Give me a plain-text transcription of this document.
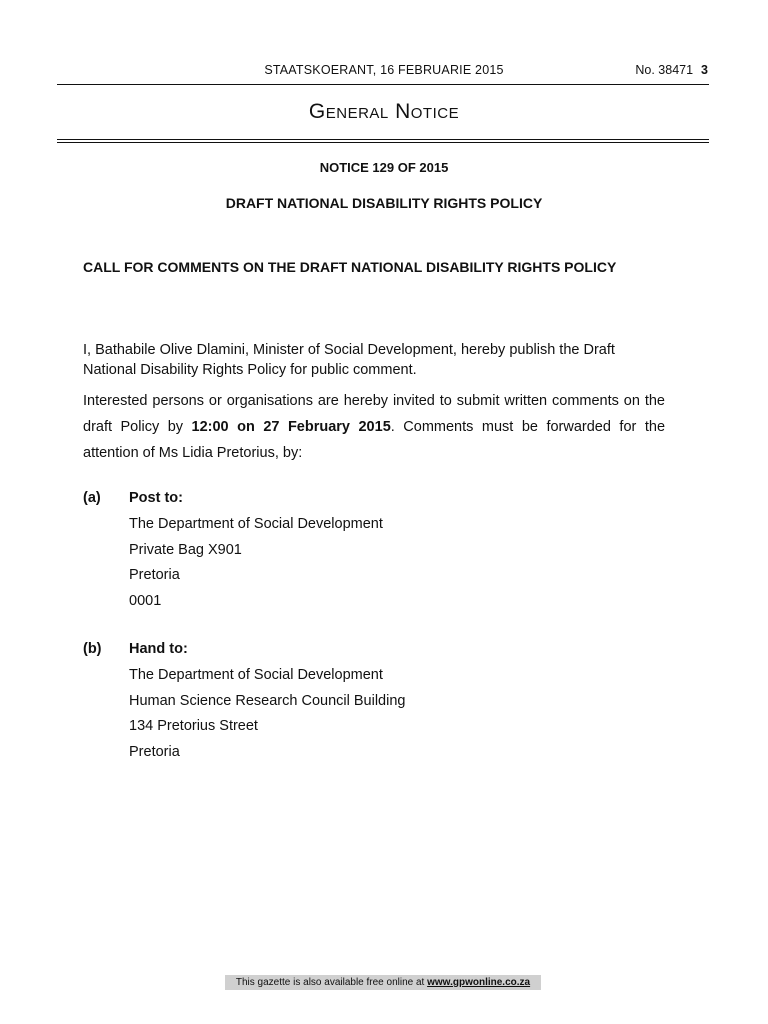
STAATSKOERANT, 16 FEBRUARIE 2015	No. 38471 3
General Notice
NOTICE 129 OF 2015
DRAFT NATIONAL DISABILITY RIGHTS POLICY
CALL FOR COMMENTS ON THE DRAFT NATIONAL DISABILITY RIGHTS POLICY
I, Bathabile Olive Dlamini, Minister of Social Development, hereby publish the Draft National Disability Rights Policy for public comment.
Interested persons or organisations are hereby invited to submit written comments on the draft Policy by 12:00 on 27 February 2015. Comments must be forwarded for the attention of Ms Lidia Pretorius, by:
(a) Post to:
The Department of Social Development
Private Bag X901
Pretoria
0001
(b) Hand to:
The Department of Social Development
Human Science Research Council Building
134 Pretorius Street
Pretoria
This gazette is also available free online at www.gpwonline.co.za
